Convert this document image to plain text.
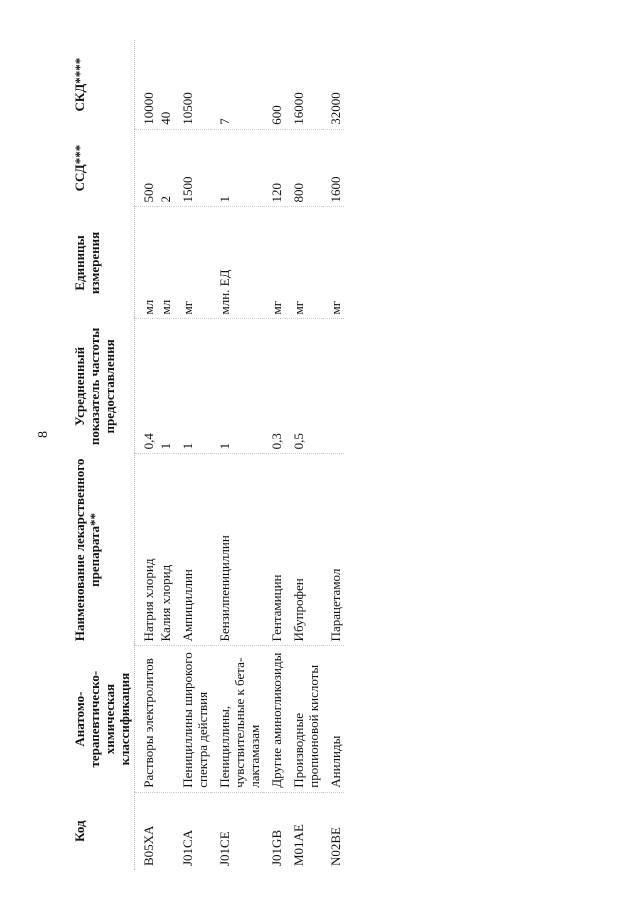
8
Код	Анатомо-терапевтическо-химическая классификация	Наименование лекарственного препарата**	Усредненный показатель частоты предоставления	Единицы измерения	ССД***	СКД****
B05XA	Растворы электролитов	Натрия хлорид	0,4	мл	500	10000
		Калия хлорид	1	мл	2	40
J01CA	Пенициллины широкого спектра действия	Ампициллин	1	мг	1500	10500
J01CE	Пенициллины, чувствительные к бета-лактамазам	Бензилпенициллин	1	млн. ЕД	1	7
J01GB	Другие аминогликозиды	Гентамицин	0,3	мг	120	600
M01AE	Производные пропионовой кислоты	Ибупрофен	0,5	мг	800	16000
N02BE	Анилиды	Парацетамол		мг	1600	32000
